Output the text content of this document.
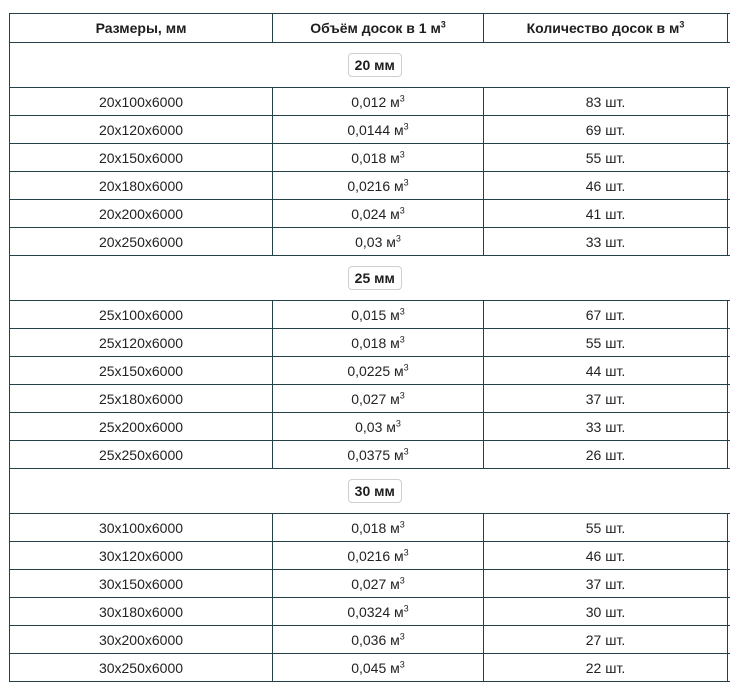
Размеры, мм	Объём досок в 1 $м^3$	Количество досок в $м^3$	
20 мм			
20х100х6000	0,012 $м^3$	83 шт.	
20х120х6000	0,0144 $м^3$	69 шт.	
20х150х6000	0,018 $м^3$	55 шт.	
20х180х6000	0,0216 $м^3$	46 шт.	
20х200х6000	0,024 $м^3$	41 шт.	
20х250х6000	0,03 $м^3$	33 шт.	
25 мм			
25х100х6000	0,015 $м^3$	67 шт.	
25х120х6000	0,018 $м^3$	55 шт.	
25х150х6000	0,0225 $м^3$	44 шт.	
25х180х6000	0,027 $м^3$	37 шт.	
25х200х6000	0,03 $м^3$	33 шт.	
25х250х6000	0,0375 $м^3$	26 шт.	
30 мм			
30х100х6000	0,018 $м^3$	55 шт.	
30х120х6000	0,0216 $м^3$	46 шт.	
30х150х6000	0,027 $м^3$	37 шт.	
30х180х6000	0,0324 $м^3$	30 шт.	
30х200х6000	0,036 $м^3$	27 шт.	
30х250х6000	0,045 $м^3$	22 шт.	
